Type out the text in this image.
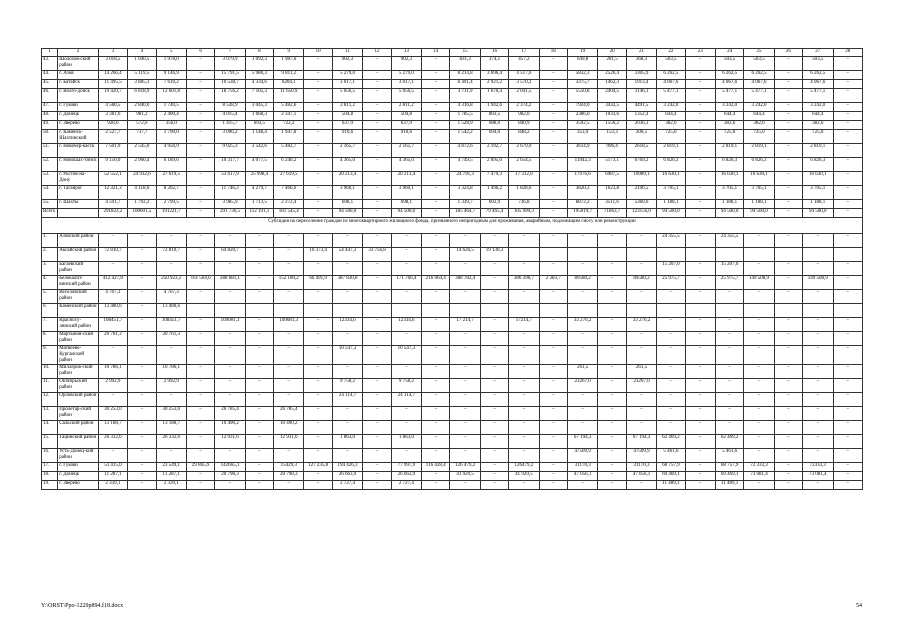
1	2	3	4	5	6	7	8	9	10	11	12	13	14	15	16	17	18	19	20	21	22	23	24	25	26	27	28
43.	Шолохов-ский район	3 018,5	1 040,5	1 978,0	–	3 079,9	1 092,3	1 987,6	–	902,3	–	902,3	–	831,3	374,1	457,2	–	649,8	281,5	368,3	503,5	–	503,5	503,5	–	503,5	–
44.	г. Азов	14 266,4	5 119,5	9 146,9	–	15 791,5	5 980,3	9 811,2	–	5 279,0	–	5 279,0	–	8 214,8	3 696,4	4 517,6	–	5832,3	2526,4	3305,9	6 262,5	–	6 262,5	6 262,5	–	6 262,5	–
45.	г. Батайск	11 495,5	3 885,3	7 610,2	–	10 538,7	4 334,6	6204,1	–	3 017,1	–	3 017,1	–	6 491,4	2 921,2	3 570,2	–	3375,7	1462,3	1913,4	4 067,6	–	4 067,6	4 067,6	–	4 067,6	–
46.	г. Волго-донск	19 420,7	6 818,9	12 601,8	–	18 756,2	7 105,3	11 650,9	–	5 056,5	–	5 056,5	–	3 711,9	1 670,4	2 041,5	–	5550,8	2404,5	3146,3	5 477,1	–	5 477,1	5 477,1	–	5 477,1	–
47.	г. Гуково	4 580,5	2 840,0	1 740,5	–	8 528,9	3 045,3	5 482,6	–	2 811,2	–	2 811,2	–	4 316,8	1 942,6	2 374,2	–	7924,0	3432,5	4491,5	3 242,0	–	3 242,0	3 242,0	–	3 242,0	–
48.	г. Донецк	3 381,6	981,2	2 400,4	–	4 015,4	1 668,3	2 347,1	–	504,8	–	504,8	–	1 785,5	803,5	982,0	–	2386,0	1033,6	1352,4	644,4	–	644,4	644,4	–	644,4	–
49.	г. Зверево	928,6	572,6	356,0	–	1 415,7	693,5	722,2	–	637,9	–	637,9	–	1 528,9	688,0	840,9	–	3592,5	1556,2	2036,3	382,6	–	382,6	382,6	–	382,6	–
50.	г. Каменск-Шахтинский	2 527,7	737,7	1 790,0	–	3 096,2	1 148,4	1 947,8	–	910,6	–	910,6	–	1 542,2	694,0	848,2	–	353,9	153,3	200,5	725,0	–	725,0	725,0	–	725,0	–
51.	г. Новочер-касск	7 501,9	2 545,0	4 956,9	–	9 025,3	3 542,6	5 482,7	–	2 165,7	–	2 165,7	–	4 872,6	2 192,7	2 679,9	–	3614,9	996,4	2618,5	2 819,1	–	2 819,1	2 819,1	–	2 819,1	–
52.	г. Новошах-тинск	9 150,0	2 960,4	6 189,6	–	10 317,7	4 077,5	6 240,2	–	4 365,0	–	4 365,0	–	4 749,5	2 095,0	2 654,5	–	11942,3	5173,1	6769,2	6 826,3	–	6 826,3	6 826,3	–	6 826,3	–
53.	г. Ростов-на-Дону	52 552,1	24 932,6	27 619,5	–	53 617,9	25 998,4	27 619,5	–	20 213,4	–	20 213,4	–	24 791,3	7 479,3	17 312,0	–	17976,6	6987,5	10989,1	16 630,1	–	16 630,1	16 630,1	–	16 630,1	–
54.	г. Таганрог	12 321,3	4 118,6	8 202,7	–	11 746,3	4 279,7	7 466,6	–	3 960,1	–	3 960,1	–	3 324,8	1 496,2	1 828,6	–	3820,3	1623,8	2196,5	3 705,1	–	3 705,1	3 705,1	–	3 705,1	–
55.	г. Шахты	4 591,7	1 792,2	2 799,5	–	3 985,9	1 713,5	2 272,4	–	698,1	–	698,1	–	1 339,7	602,9	736,8	–	8872,2	3511,6	5360,6	1 188,1	–	1 188,1	1 188,1	–	1 188,1	–
Всего		291823,2	100601,5	191221,7	–	291 736,5	112 191,1	181 545,4	–	94 500,0	–	94 500,0	–	185 464,7	79 465,4	105 999,3	–	195019,7	71863,7	123156,0	94 500,0	–	94 500,0	94 500,0	–	94 500,0	–
Субсидия на переселение граждан из многоквартирного жилищного фонда, признанного непригодным для проживания, аварийным, подлежащим сносу или реконструкции																											
1.	Азовский район	–	–	–	–	–	–	–	–	–	–	–	–	–	–	–	–	–	–	–	24 355,5	–	24 355,5	–	–	–	–
2.	Аксайский район	72 810,7	–	72 810,7	–	64 820,7	–	–	10 373,4	54 447,3	33 756,8	–	–	14 626,5	19 130,3												
3.	Багаевский район	–	–	–	–	–	–	–	–	–	–	–	–	–	–	–	–	–	–	–	15 207,0	–	15 207,0	–	–	–	–
4.	Белокалит-винский район	412 427,8	–	250 923,2	161 504,6	288 681,1	–	152 180,2	66 491,9	387 830,8	–	171 766,4	216 064,4	388 782,4	–	386 398,7	2 383,7	89580,2	–	89580,2	25 975,7	–	25 975,7	149 508,9	–	149 508,9	–
5.	Веселовский район	4 707,3	–	4 707,3	–	–	–	–	–	–	–	–	–	–	–	–	–	–	–	–	–	–	–	–	–	–	–
6.	Каменский район	13 480,6	–	13 480,6																							
7.	Красносу-линский район	108451,7	–	108451,7	–	109081,3	–	109081,3	–	12334,6	–	12334,6	–	17 214,7	–	17214,7	–	33 276,2	–	33 276,2	–	–	–	–	–	–	–
8.	Мартынов-ский район	20 761,3	–	20 761,3	–	–	–	–	–	–	–	–	–	–	–	–	–	–	–	–	–	–	–	–	–	–	–
9.	Матвеево-Курганский район	–	–	–	–	–	–	–	–	10 547,3	–	10 547,3	–	–	–	–	–	–	–	–	–	–	–	–	–	–	–
10.	Миллеров-ский район	10 786,1	–	10 786,1	–	–	–	–	–	–	–	–	–	–	–	–	–	261,5	–	261,5	–	–	–	–	–	–	–
11.	Октябрьский район	2 992,9	–	2 992,9	–	–	–	–	–	9 758,2	–	9 758,2	–	–	–	–	–	23267,0	–	23267,0	–	–	–	–	–	–	–
12.	Орловский район	–	–	–	–	–	–	–	–	24 114,7	–	24 114,7	–	–	–	–	–	–	–	–	–	–	–	–	–	–	–
13.	Пролетар-ский район	30 253,0	–	30 253,0	–	26 785,4	–	26 785,4	–	–	–	–	–	–	–	–	–	–	–	–	–	–	–	–	–	–	–
14.	Сальский район	13 188,7	–	13 188,7	–	10 490,2	–	10 490,2	–	–	–	–	–	–	–	–	–	–	–	–	–	–	–	–	–	–	–
15.	Тацинский район	26 332,6	–	26 332,6	–	12 931,6	–	12 931,6	–	1 863,0	–	1 863,0	–	–	–	–	–	67 194,3	–	67 194,3	62 469,2	–	62 469,2	–	–	–	–
16.	Усть-Донец-кий район	–	–	–	–	–	–	–	–	–	–	–	–	–	–	–	–	47509,9	–	47509,9	5 461,6	–	5 461,6	–	–	–	–
17.	г. Гуково	53 415,0	–	23 549,1	29 865,9	142665,1	–	15429,3	127 235,8	194 426,3	–	77 997,9	116 428,4	126 479,2	–	126479,2	–	31170,3	–	31170,3	68 757,9	–	68 757,9	72 333,3	–	72333,3	–
18.	г. Донецк	11 287,1	–	11 287,1	–	20 798,3	–	20 798,3	–	26 663,9	–	26 663,9	–	41 929,5	–	41 929,5	–	47 056,1	–	47 056,1	69 469,1	–	69 469,1	73 081,4	–	73 081,4	–
19.	г. Зверево	2 339,1	–	2 339,1	–	–	–	–	–	2 727,4	–	2 727,4	–	–	–	–	–	–	–	–	11 489,1	–	11 489,1	–	–	–	–
Y:\ORST\Ppo-1229p894.f18.docx	54
